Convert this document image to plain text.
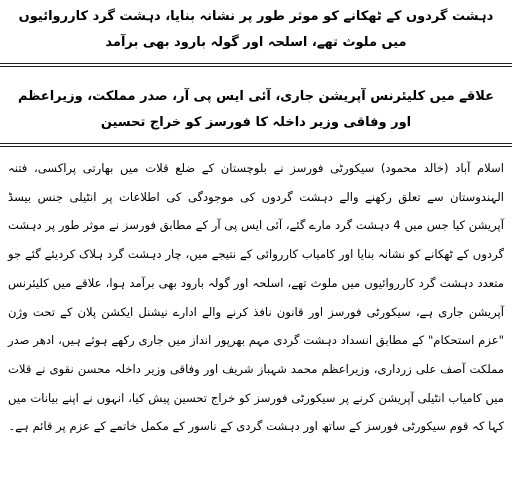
دہشت گردوں کے ٹھکانے کو موثر طور پر نشانہ بنایا، دہشت گرد کارروائیوں میں ملوث تھے، اسلحہ اور گولہ بارود بھی برآمد
علاقے میں کلیئرنس آپریشن جاری، آئی ایس پی آر، صدر مملکت، وزیراعظم اور وفاقی وزیر داخلہ کا فورسز کو خراج تحسین
اسلام آباد (خالد محمود) سیکورٹی فورسز نے بلوچستان کے ضلع قلات میں بھارتی پراکسی، فتنہ الہندوستان سے تعلق رکھنے والے دہشت گردوں کی موجودگی کی اطلاعات پر انٹیلی جنس بیسڈ آپریشن کیا جس میں 4 دہشت گرد مارے گئے، آئی ایس پی آر کے مطابق فورسز نے موثر طور پر دہشت گردوں کے ٹھکانے کو نشانہ بنایا اور کامیاب کارروائی کے نتیجے میں، چار دہشت گرد ہلاک کردیئے گئے جو متعدد دہشت گرد کارروائیوں میں ملوث تھے، اسلحہ اور گولہ بارود بھی برآمد ہوا، علاقے میں کلیئرنس آپریشن جاری ہے، سیکورٹی فورسز اور قانون نافذ کرنے والے ادارے نیشنل ایکشن پلان کے تحت وژن "عزم استحکام" کے مطابق انسداد دہشت گردی مہم بھرپور انداز میں جاری رکھے ہوئے ہیں، ادھر صدر مملکت آصف علی زرداری، وزیراعظم محمد شہباز شریف اور وفاقی وزیر داخلہ محسن نقوی نے قلات میں کامیاب انٹیلی آپریشن کرنے پر سیکورٹی فورسز کو خراج تحسین پیش کیا، انہوں نے اپنے بیانات میں کہا کہ قوم سیکورٹی فورسز کے ساتھ اور دہشت گردی کے ناسور کے مکمل خاتمے کے عزم پر قائم ہے۔
